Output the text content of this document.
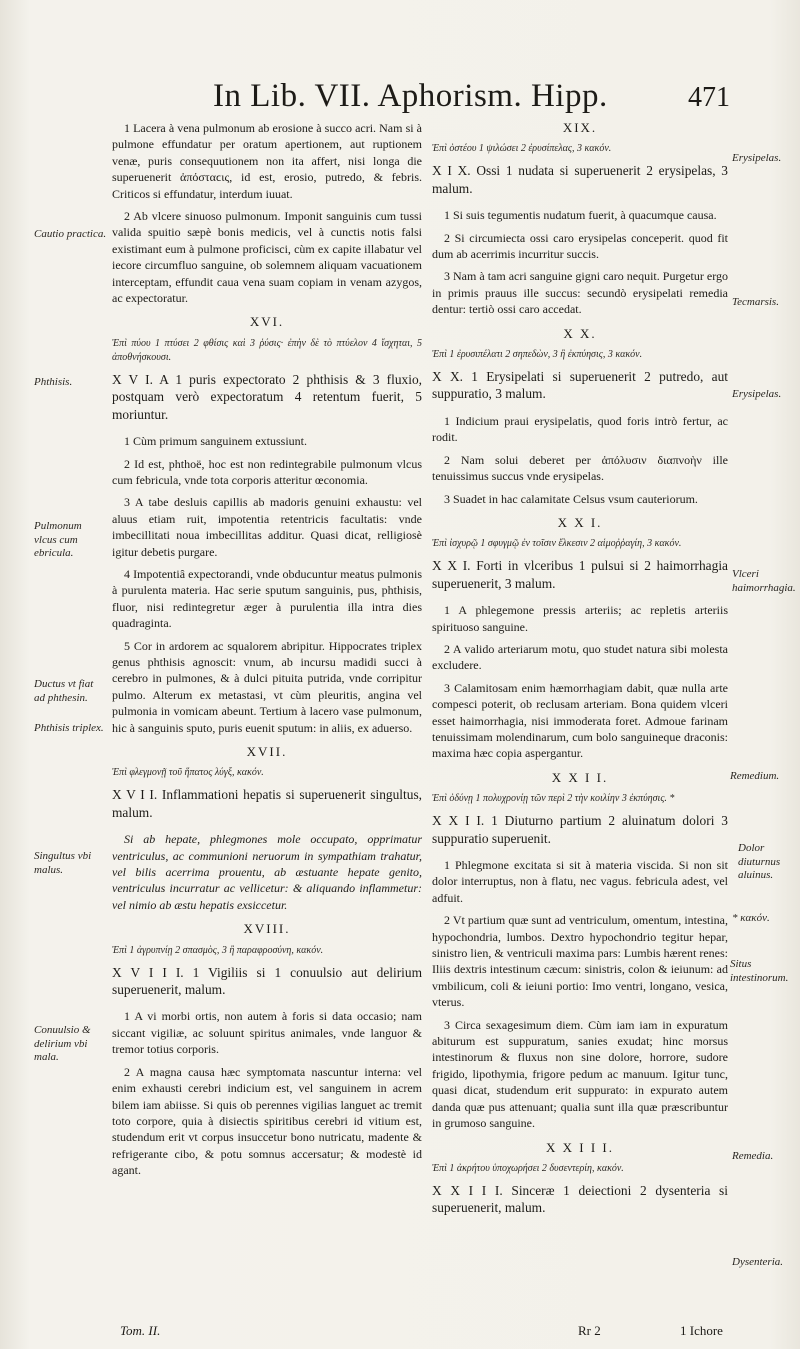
In Lib. VII. Aphorism. Hipp.	471

1 Lacera à vena pulmonum ab erosione à succo acri. Nam si à pulmone effundatur per oratum apertionem, aut ruptionem venæ, puris consequutionem non ita affert, nisi longa die superuenerit ἀπόσταϲις, id est, erosio, putredo, & febris. Criticos si effundatur, interdum iuuat.

2 Ab vlcere sinuoso pulmonum. Imponit sanguinis cum tussi valida spuitio sæpè bonis medicis, vel à cunctis notis falsi existimant eum à pulmone proficisci, cùm ex capite illabatur vel iecore circumfluo sanguine, ob solemnem aliquam vacuationem interceptam, effundit caua vena suam copiam in venam azygos, ac expectoratur.

XVI.
Ἐπὶ πύου 1 πτύσει 2 φθίσις καὶ 3 ῥύσις· ἐπὴν δὲ τὸ πτύελον 4 ἴσχηται, 5 ἀποθνήσκουσι.

X V I. A 1 puris expectorato 2 phthisis & 3 fluxio, postquam verò expectoratum 4 retentum fuerit, 5 moriuntur.

1 Cùm primum sanguinem extussiunt.

2 Id est, phthoë, hoc est non redintegrabile pulmonum vlcus cum febricula, vnde tota corporis atteritur œconomia.

3 A tabe desluis capillis ab madoris genuini exhaustu: vel aluus etiam ruit, impotentia retentricis facultatis: vnde imbecillitati noua imbecillitas additur. Quasi dicat, relligiosè igitur debetis purgare.

4 Impotentiâ expectorandi, vnde obducuntur meatus pulmonis à purulenta materia. Hac serie sputum sanguinis, pus, phthisis, fluor, nisi redintegretur æger à purulentia illa intra dies quadraginta.

5 Cor in ardorem ac squalorem abripitur. Hippocrates triplex genus phthisis agnoscit: vnum, ab incursu madidi succi à cerebro in pulmones, & à dulci pituita putrida, vnde corripitur pulmo. Alterum ex metastasi, vt cùm pleuritis, angina vel pulmonia in vomicam abeunt. Tertium à lacero vase pulmonum, hic à sanguinis sputo, puris euenit sputum: in aliis, ex aduerso.

XVII.
Ἐπὶ φλεγμονῇ τοῦ ἥπατος λύγξ, κακόν.

X V I I. Inflammationi hepatis si superuenerit singultus, malum.

Si ab hepate, phlegmones mole occupato, opprimatur ventriculus, ac communioni neruorum in sympathiam trahatur, vel bilis acerrima prouentu, ab æstuante hepate genito, ventriculus incurratur ac vellicetur: & aliquando inflammetur: vel nimio ab æstu hepatis exsiccetur.

XVIII.
Ἐπὶ 1 ἀγρυπνίῃ 2 σπασμὸς, 3 ἢ παραφροσύνη, κακόν.

X V I I I. 1 Vigiliis si 1 conuulsio aut delirium superuenerit, malum.

1 A vi morbi ortis, non autem à foris si data occasio; nam siccant vigiliæ, ac soluunt spiritus animales, vnde languor & tremor totius corporis.

2 A magna causa hæc symptomata nascuntur interna: vel enim exhausti cerebri indicium est, vel sanguinem in acrem bilem iam abiisse. Si quis ob perennes vigilias languet ac tremit toto corpore, quia à disiectis spiritibus cerebri id vitium est, studendum erit vt corpus insuccetur bono nutricatu, madente & refrigerante cibo, & potu somnus accersatur; & modestè id agant.

XIX.
Ἐπὶ ὀστέου 1 ψιλώσει 2 ἐρυσίπελας, 3 κακόν.

X I X. Ossi 1 nudata si superuenerit 2 erysipelas, 3 malum.

1 Si suis tegumentis nudatum fuerit, à quacumque causa.

2 Si circumiecta ossi caro erysipelas conceperit. quod fit dum ab acerrimis incurritur succis.

3 Nam à tam acri sanguine gigni caro nequit. Purgetur ergo in primis prauus ille succus: secundò erysipelati remedia dentur: tertiò ossi caro accedat.

X X.
Ἐπὶ 1 ἐρυσιπέλατι 2 σηπεδὼν, 3 ἢ ἐκπύησις, 3 κακόν.

X X. 1 Erysipelati si superuenerit 2 putredo, aut suppuratio, 3 malum.

1 Indicium praui erysipelatis, quod foris intrò fertur, ac rodit.

2 Nam solui deberet per ἀπόλυσιν διαπνοὴν ille tenuissimus succus vnde erysipelas.

3 Suadet in hac calamitate Celsus vsum cauteriorum.

X X I.
Ἐπὶ ἰσχυρῷ 1 σφυγμῷ ἐν τοῖσιν ἕλκεσιν 2 αἱμοῤῥαγίη, 3 κακόν.

X X I. Forti in vlceribus 1 pulsui si 2 haimorrhagia superuenerit, 3 malum.

1 A phlegemone pressis arteriis; ac repletis arteriis spirituoso sanguine.

2 A valido arteriarum motu, quo studet natura sibi molesta excludere.

3 Calamitosam enim hæmorrhagiam dabit, quæ nulla arte compesci poterit, ob reclusam arteriam. Bona quidem vlceri esset haimorrhagia, nisi immoderata foret. Admoue farinam tenuissimam molendinarum, cum bolo sanguineque draconis: maxima hæc copia aspergantur.

X X I I.
Ἐπὶ ὀδύνῃ 1 πολυχρονίῃ τῶν περὶ 2 τὴν κοιλίην 3 ἐκπύησις. *

X X I I. 1 Diuturno partium 2 aluinatum dolori 3 suppuratio superuenit.

1 Phlegmone excitata si sit à materia viscida. Si non sit dolor interruptus, non à flatu, nec vagus. febricula adest, vel adfuit.

2 Vt partium quæ sunt ad ventriculum, omentum, intestina, hypochondria, lumbos. Dextro hypochondrio tegitur hepar, sinistro lien, & ventriculi maxima pars: Lumbis hærent renes: Iliis dextris intestinum cæcum: sinistris, colon & ieiunum: ad vmbilicum, coli & ieiuni portio: Imo ventri, longano, vesica, vterus.

3 Circa sexagesimum diem. Cùm iam iam in expuratum abiturum est suppuratum, sanies exudat; hinc morsus intestinorum & fluxus non sine dolore, horrore, sudore frigido, lipothymia, frigore pedum ac manuum. Igitur tunc, quasi dicat, studendum erit suppurato: in expurato autem danda quæ pus attenuant; qualia sunt illa quæ præscribuntur in grumoso sanguine.

X X I I I.
Ἐπὶ 1 ἀκρήτου ὑποχωρήσει 2 δυσεντερίη, κακόν.

X X I I I. Sinceræ 1 deiectioni 2 dysenteria si superuenerit, malum.

Cautio practica.
Phthisis.
Pulmonum vlcus cum ebricula.
Ductus vt fiat ad phthesin.
Phthisis triplex.
Singultus vbi malus.
Conuulsio & delirium vbi mala.
Erysipelas.
Tecmarsis.
Erysipelas.
Vlceri haimorrhagia.
Remedium.
Dolor diuturnus aluinus.
* κακόν.
Situs intestinorum.
Remedia.
Dysenteria.
Tom. II.	Rr 2	1 Ichore
